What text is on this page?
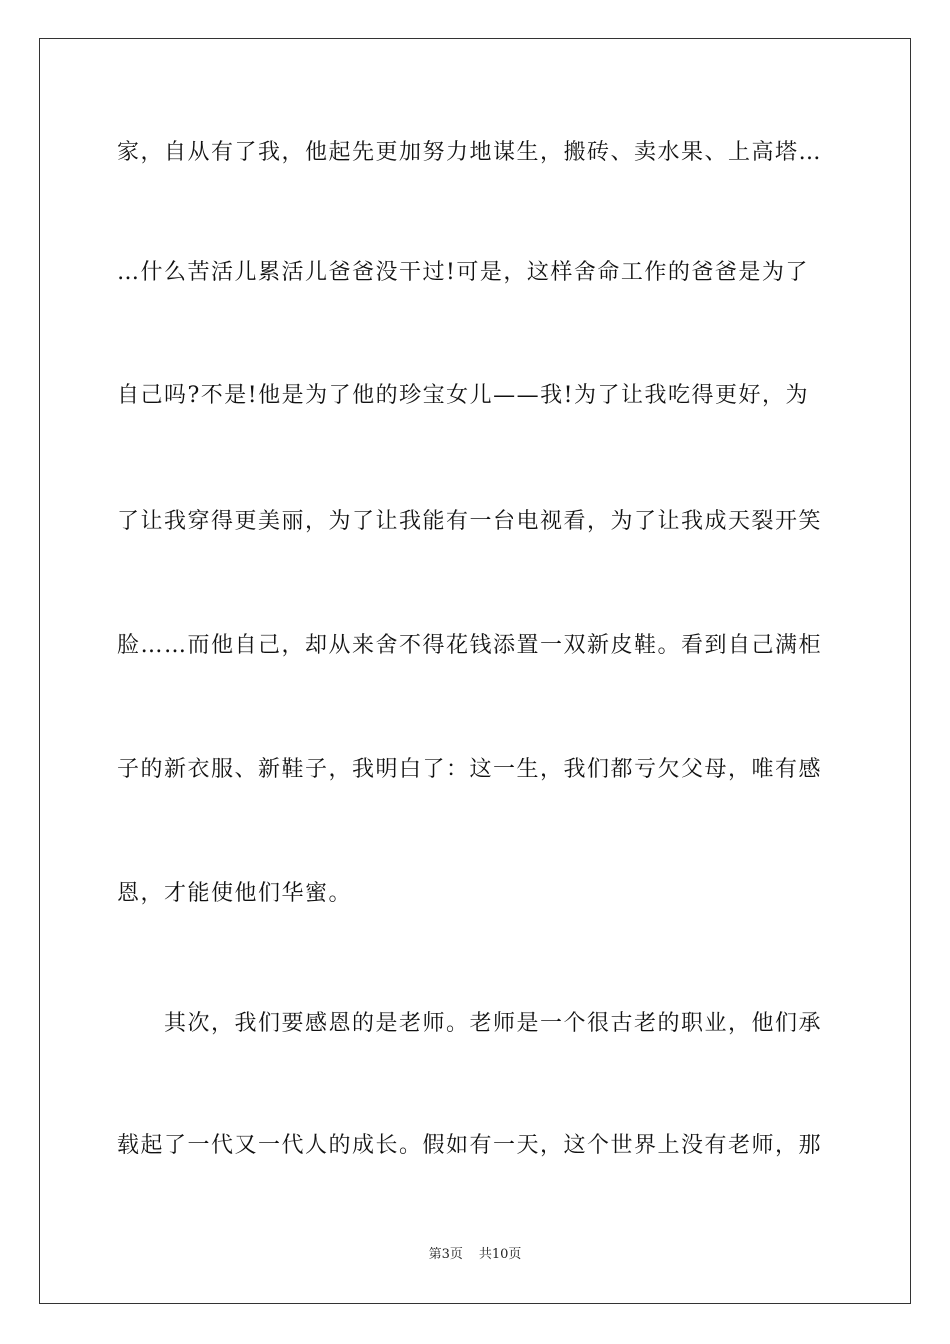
家，自从有了我，他起先更加努力地谋生，搬砖、卖水果、上高塔…
…什么苦活儿累活儿爸爸没干过!可是，这样舍命工作的爸爸是为了
自己吗?不是!他是为了他的珍宝女儿——我!为了让我吃得更好，为
了让我穿得更美丽，为了让我能有一台电视看，为了让我成天裂开笑
脸……而他自己，却从来舍不得花钱添置一双新皮鞋。看到自己满柜
子的新衣服、新鞋子，我明白了：这一生，我们都亏欠父母，唯有感
恩，才能使他们华蜜。
　　其次，我们要感恩的是老师。老师是一个很古老的职业，他们承
载起了一代又一代人的成长。假如有一天，这个世界上没有老师，那
第3页 共10页
